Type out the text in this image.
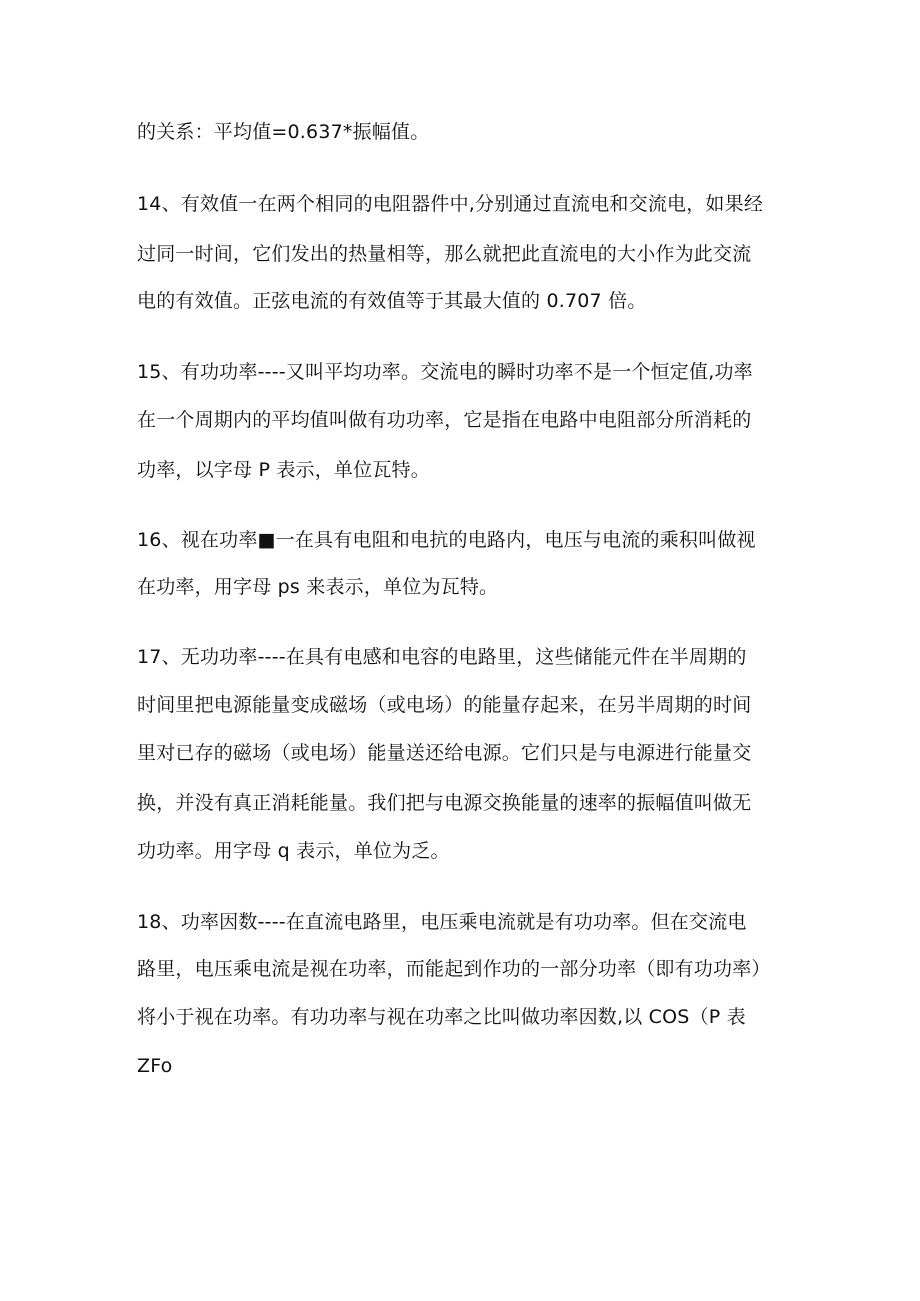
的关系：平均值=0.637*振幅值。
14、有效值一在两个相同的电阻器件中,分别通过直流电和交流电，如果经
过同一时间，它们发出的热量相等，那么就把此直流电的大小作为此交流
电的有效值。正弦电流的有效值等于其最大值的 0.707 倍。
15、有功功率----又叫平均功率。交流电的瞬时功率不是一个恒定值,功率
在一个周期内的平均值叫做有功功率，它是指在电路中电阻部分所消耗的
功率，以字母 P 表示，单位瓦特。
16、视在功率■一在具有电阻和电抗的电路内，电压与电流的乘积叫做视
在功率，用字母 ps 来表示，单位为瓦特。
17、无功功率----在具有电感和电容的电路里，这些储能元件在半周期的
时间里把电源能量变成磁场（或电场）的能量存起来，在另半周期的时间
里对已存的磁场（或电场）能量送还给电源。它们只是与电源进行能量交
换，并没有真正消耗能量。我们把与电源交换能量的速率的振幅值叫做无
功功率。用字母 q 表示，单位为乏。
18、功率因数----在直流电路里，电压乘电流就是有功功率。但在交流电
路里，电压乘电流是视在功率，而能起到作功的一部分功率（即有功功率）
将小于视在功率。有功功率与视在功率之比叫做功率因数,以 COS（P 表
ZFo
